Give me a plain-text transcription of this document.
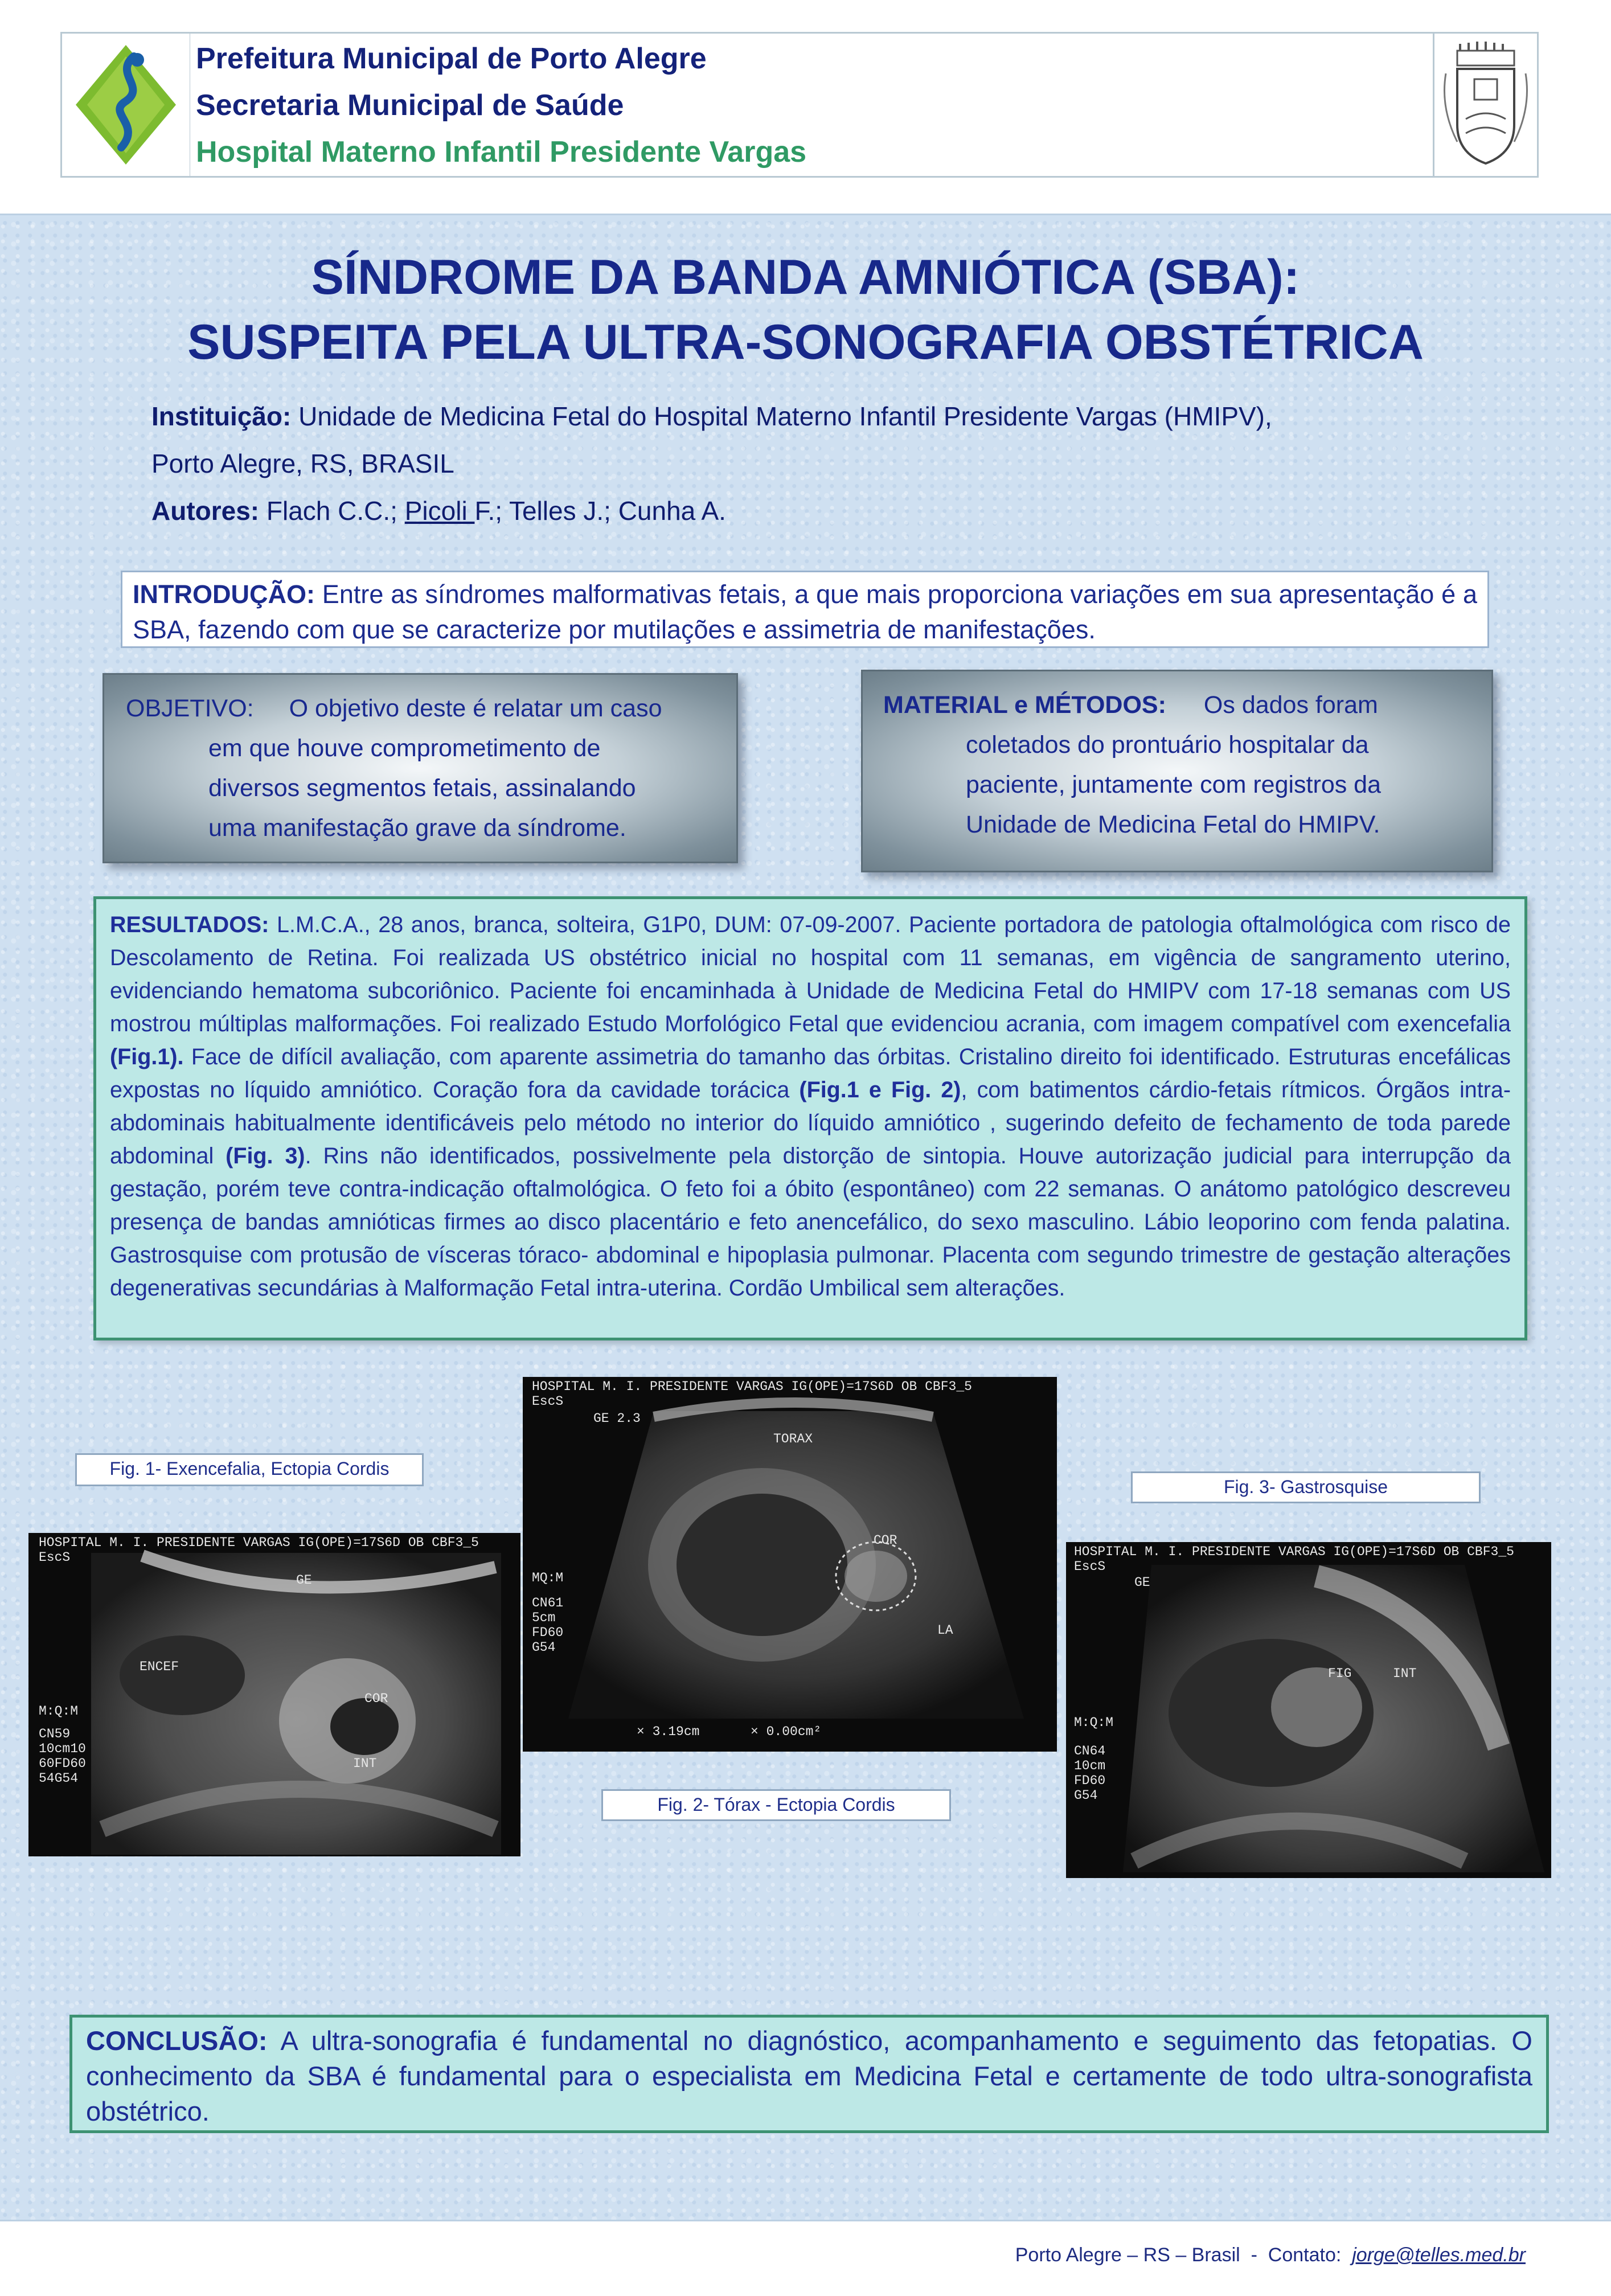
Prefeitura Municipal de Porto Alegre
Secretaria Municipal de Saúde
Hospital Materno Infantil Presidente Vargas
SÍNDROME DA BANDA AMNIÓTICA (SBA):
SUSPEITA PELA ULTRA-SONOGRAFIA OBSTÉTRICA
Instituição: Unidade de Medicina Fetal do Hospital Materno Infantil Presidente Vargas (HMIPV),
Porto Alegre, RS, BRASIL
Autores: Flach C.C.; Picoli F.; Telles J.; Cunha A.
INTRODUÇÃO: Entre as síndromes malformativas fetais, a que mais proporciona variações em sua apresentação é a SBA, fazendo com que se caracterize por mutilações e assimetria de manifestações.
OBJETIVO: O objetivo deste é relatar um caso
em que houve comprometimento de
diversos segmentos fetais, assinalando
uma manifestação grave da síndrome.
MATERIAL e MÉTODOS: Os dados foram
coletados do prontuário hospitalar da
paciente, juntamente com registros da
Unidade de Medicina Fetal do HMIPV.
RESULTADOS: L.M.C.A., 28 anos, branca, solteira, G1P0, DUM: 07-09-2007. Paciente portadora de patologia oftalmológica com risco de Descolamento de Retina. Foi realizada US obstétrico inicial no hospital com 11 semanas, em vigência de sangramento uterino, evidenciando hematoma subcoriônico. Paciente foi encaminhada à Unidade de Medicina Fetal do HMIPV com 17-18 semanas com US mostrou múltiplas malformações. Foi realizado Estudo Morfológico Fetal que evidenciou acrania, com imagem compatível com exencefalia (Fig.1). Face de difícil avaliação, com aparente assimetria do tamanho das órbitas. Cristalino direito foi identificado. Estruturas encefálicas expostas no líquido amniótico. Coração fora da cavidade torácica (Fig.1 e Fig. 2), com batimentos cárdio-fetais rítmicos. Órgãos intra-abdominais habitualmente identificáveis pelo método no interior do líquido amniótico , sugerindo defeito de fechamento de toda parede abdominal (Fig. 3). Rins não identificados, possivelmente pela distorção de sintopia. Houve autorização judicial para interrupção da gestação, porém teve contra-indicação oftalmológica. O feto foi a óbito (espontâneo) com 22 semanas. O anátomo patológico descreveu presença de bandas amnióticas firmes ao disco placentário e feto anencefálico, do sexo masculino. Lábio leoporino com fenda palatina. Gastrosquise com protusão de vísceras tóraco- abdominal e hipoplasia pulmonar. Placenta com segundo trimestre de gestação alterações degenerativas secundárias à Malformação Fetal intra-uterina. Cordão Umbilical sem alterações.
Fig. 1- Exencefalia, Ectopia Cordis
Fig. 3- Gastrosquise
Fig. 2- Tórax - Ectopia Cordis
HOSPITAL M. I. PRESIDENTE VARGAS IG(OPE)=17S6D OB CBF3_5
EscS
GE
M:Q:M
CN59
10cm10
60FD60
54G54
ENCEF
COR
INT
HOSPITAL M. I. PRESIDENTE VARGAS IG(OPE)=17S6D OB CBF3_5
EscS
GE 2.3
TORAX
COR
LA
MQ:M
CN61
5cm
FD60
G54
× 3.19cm	× 0.00cm²
HOSPITAL M. I. PRESIDENTE VARGAS IG(OPE)=17S6D OB CBF3_5
EscS
GE
FIG	INT
M:Q:M
CN64
10cm
FD60
G54
CONCLUSÃO: A ultra-sonografia é fundamental no diagnóstico, acompanhamento e seguimento das fetopatias. O conhecimento da SBA é fundamental para o especialista em Medicina Fetal e certamente de todo ultra-sonografista obstétrico.
Porto Alegre – RS – Brasil  -  Contato:  jorge@telles.med.br
